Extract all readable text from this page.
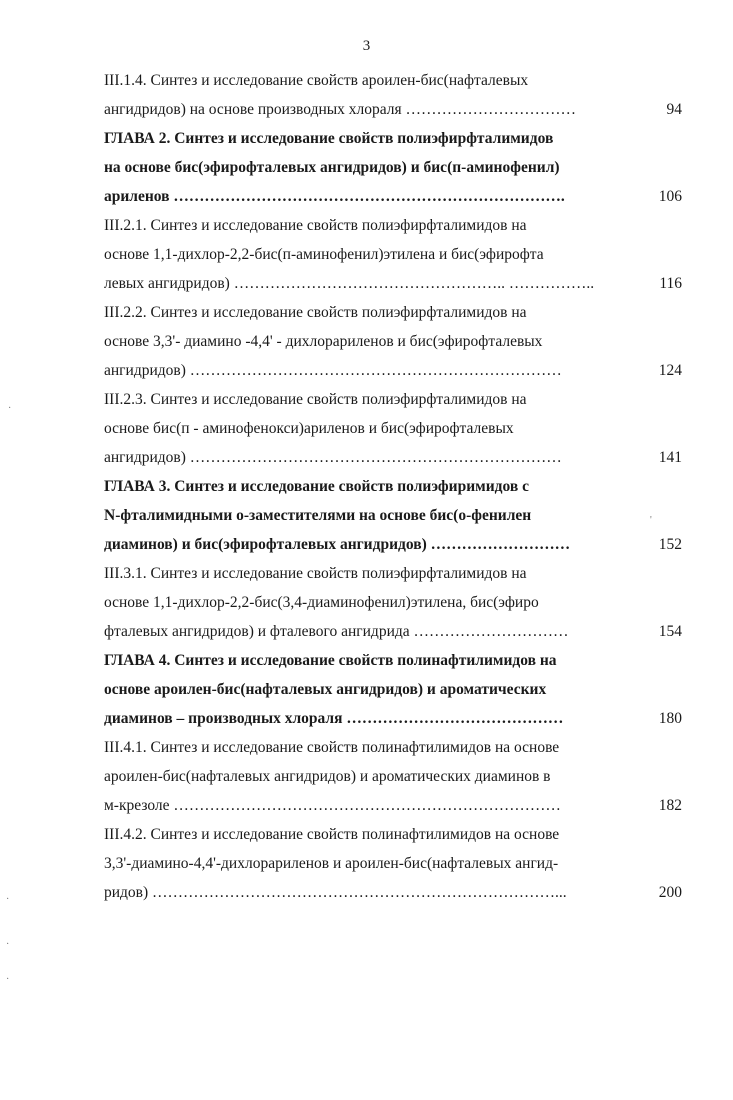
3
III.1.4. Синтез и исследование свойств ароилен-бис(нафталевых
ангидридов) на основе производных хлораля ……………………………	94
ГЛАВА 2. Синтез и исследование свойств полиэфирфталимидов
на основе бис(эфирофталевых ангидридов) и бис(п-аминофенил)
ариленов ………………………………………………………………….	106
III.2.1. Синтез и исследование свойств полиэфирфталимидов на
основе 1,1-дихлор-2,2-бис(п-аминофенил)этилена и бис(эфирофта
левых ангидридов) …………………………………………….. ……………..	116
III.2.2. Синтез и исследование свойств полиэфирфталимидов на
основе 3,3'- диамино -4,4' - дихлорариленов и бис(эфирофталевых
ангидридов) ………………………………………………………………	124
III.2.3. Синтез и исследование свойств полиэфирфталимидов на
основе бис(п - аминофенокси)ариленов и бис(эфирофталевых
ангидридов) ………………………………………………………………	141
ГЛАВА 3. Синтез и исследование свойств полиэфиримидов с
N-фталимидными о-заместителями на основе бис(о-фенилен
диаминов) и бис(эфирофталевых ангидридов) ………………………	152
III.3.1. Синтез и исследование свойств полиэфирфталимидов на
основе 1,1-дихлор-2,2-бис(3,4-диаминофенил)этилена, бис(эфиро
фталевых ангидридов) и фталевого ангидрида …………………………	154
ГЛАВА 4. Синтез и исследование свойств полинафтилимидов на
основе ароилен-бис(нафталевых ангидридов) и ароматических
диаминов – производных хлораля ……………………………………	180
III.4.1. Синтез и исследование свойств полинафтилимидов на основе
ароилен-бис(нафталевых ангидридов) и ароматических диаминов в
м-крезоле …………………………………………………………………	182
III.4.2. Синтез и исследование свойств полинафтилимидов на основе
3,3'-диамино-4,4'-дихлорариленов и ароилен-бис(нафталевых ангид-
ридов) ……………………………………………………………………...	200
·
'
·
·
·
